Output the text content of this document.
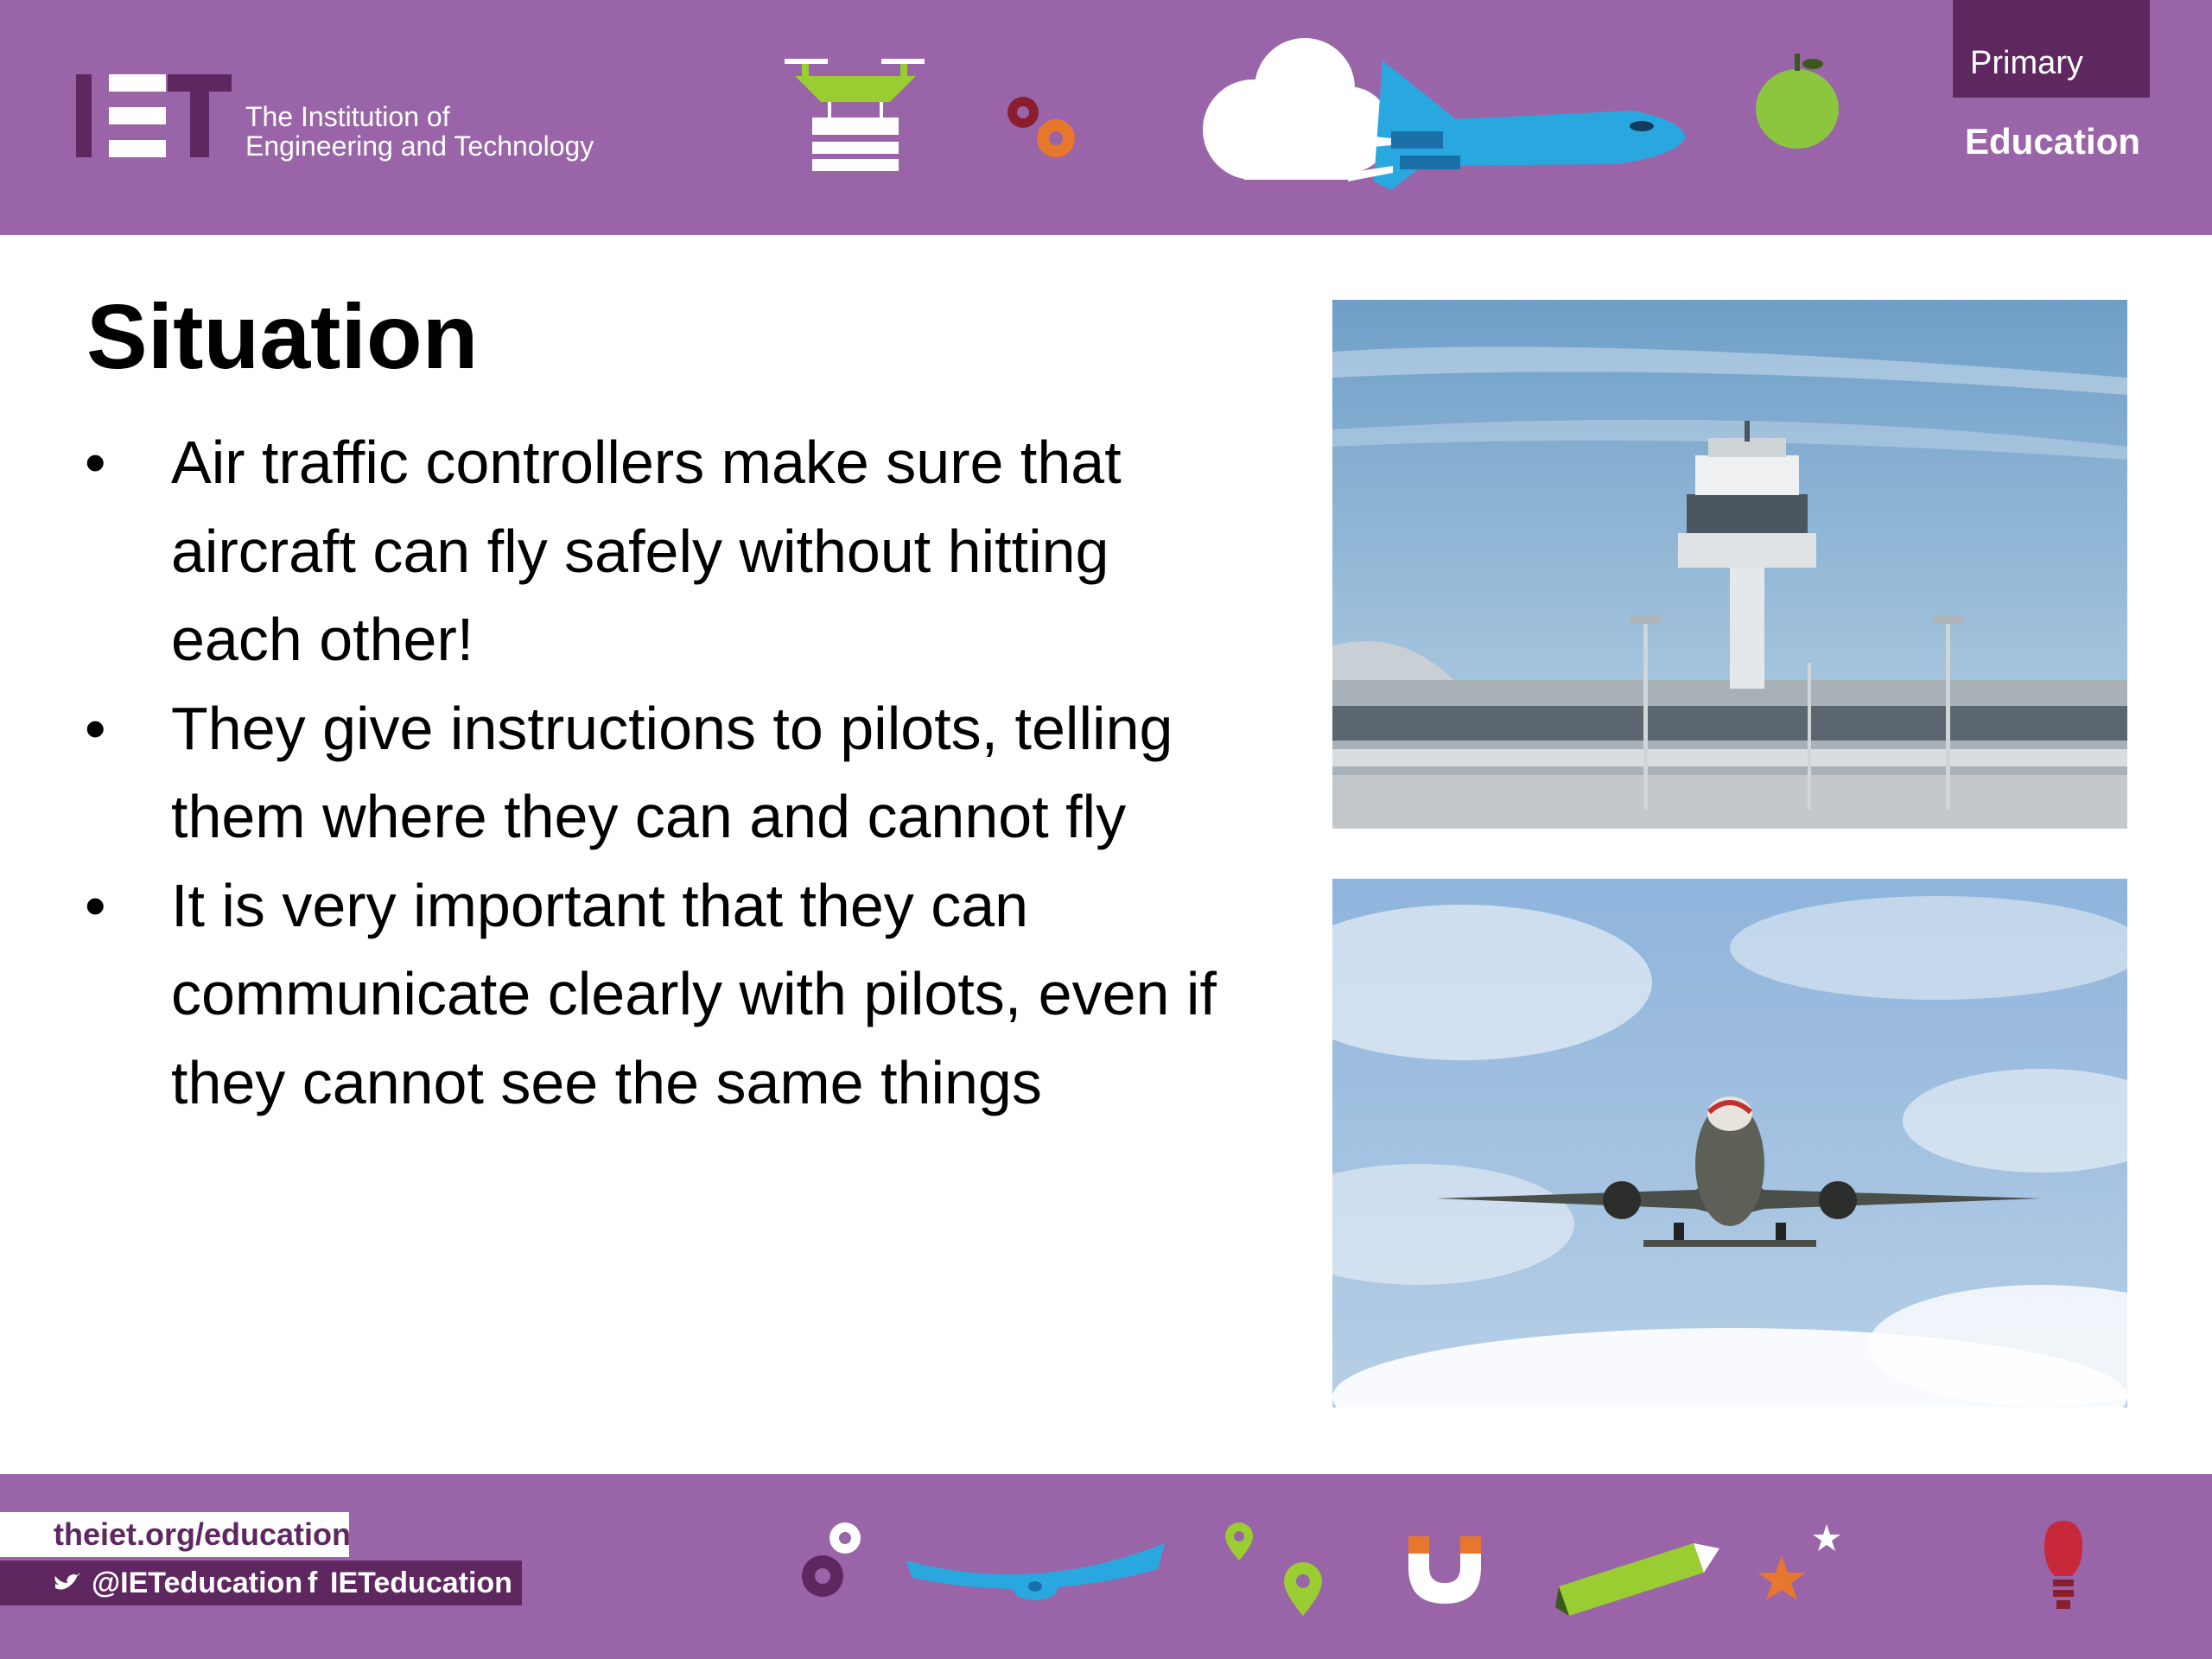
The Institution of
Engineering and Technology
Primary
Education
Situation
• Air traffic controllers make sure that aircraft can fly safely without hitting each other!
• They give instructions to pilots, telling them where they can and cannot fly
• It is very important that they can communicate clearly with pilots, even if they cannot see the same things
theiet.org/education
@IETeducation f IETeducation
